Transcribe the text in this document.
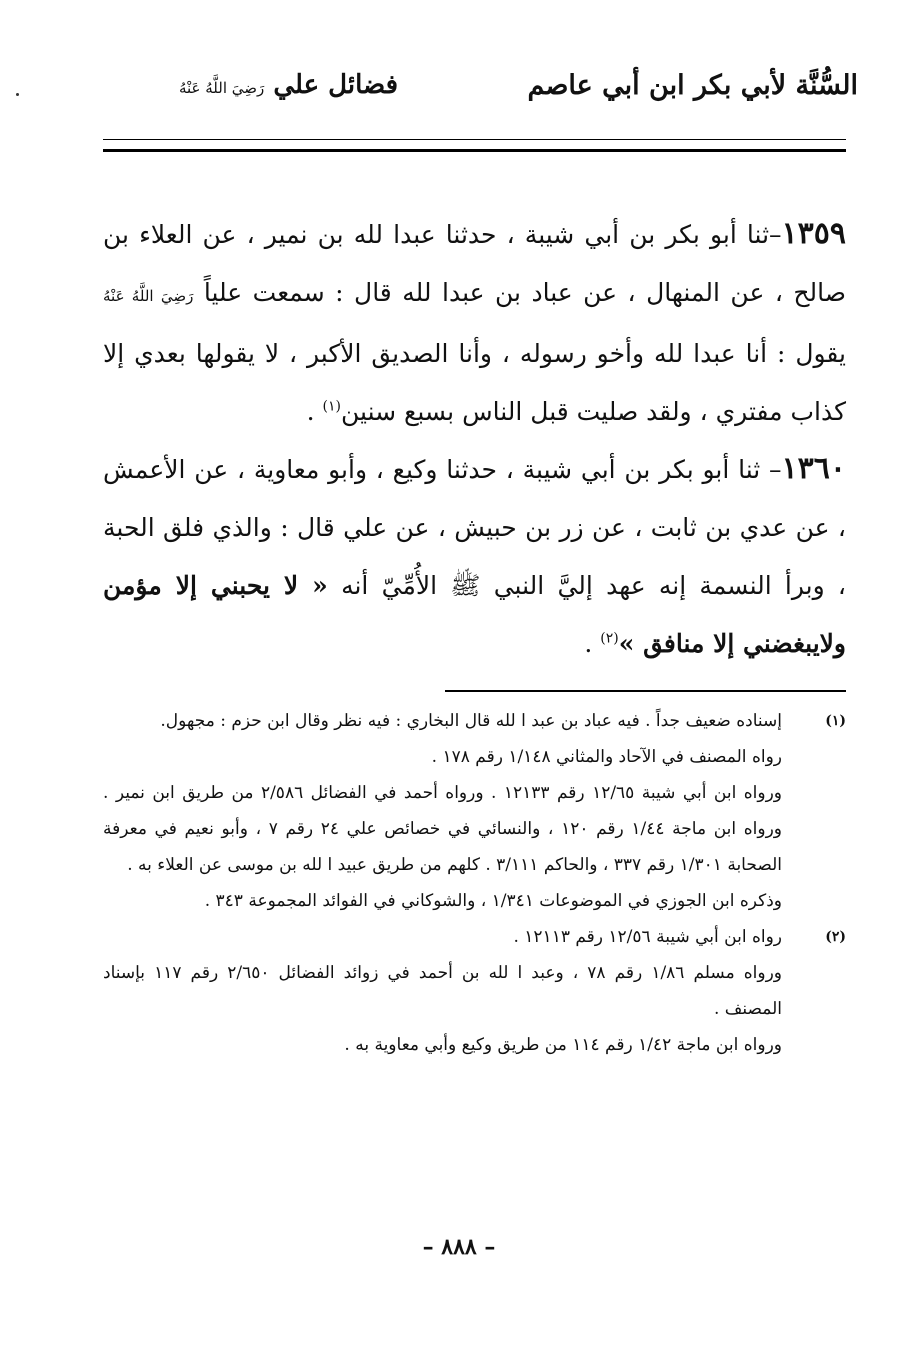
السُّنَّة لأبي بكر ابن أبي عاصم
فضائل علي رَضِيَ اللَّهُ عَنْهُ
١٣٥٩–ثنا أبو بكر بن أبي شيبة ، حدثنا عبدا لله بن نمير ، عن العلاء بن صالح ، عن المنهال ، عن عباد بن عبدا لله قال : سمعت علياً رَضِيَ اللَّهُ عَنْهُ يقول : أنا عبدا لله وأخو رسوله ، وأنا الصديق الأكبر ، لا يقولها بعدي إلا كذاب مفتري ، ولقد صليت قبل الناس بسبع سنين$^{(١)}$ .
١٣٦٠– ثنا أبو بكر بن أبي شيبة ، حدثنا وكيع ، وأبو معاوية ، عن الأعمش ، عن عدي بن ثابت ، عن زر بن حبيش ، عن علي قال : والذي فلق الحبة ، وبرأ النسمة إنه عهد إليَّ النبي ﷺ الأُمِّيّ أنه « لا يحبني إلا مؤمن ولايبغضني إلا منافق »$^{(٢)}$ .
(١)

إسناده ضعيف جداً . فيه عباد بن عبد ا لله قال البخاري : فيه نظر وقال ابن حزم : مجهول.

رواه المصنف في الآحاد والمثاني ١/١٤٨ رقم ١٧٨ .

ورواه ابن أبي شيبة ١٢/٦٥ رقم ١٢١٣٣ . ورواه أحمد في الفضائل ٢/٥٨٦ من طريق ابن نمير . ورواه ابن ماجة ١/٤٤ رقم ١٢٠ ، والنسائي في خصائص علي ٢٤ رقم ٧ ، وأبو نعيم في معرفة الصحابة ١/٣٠١ رقم ٣٣٧ ، والحاكم ٣/١١١ . كلهم من طريق عبيد ا لله بن موسى عن العلاء به .

وذكره ابن الجوزي في الموضوعات ١/٣٤١ ، والشوكاني في الفوائد المجموعة ٣٤٣ .

(٢)

رواه ابن أبي شيبة ١٢/٥٦ رقم ١٢١١٣ .

ورواه مسلم ١/٨٦ رقم ٧٨ ، وعبد ا لله بن أحمد في زوائد الفضائل ٢/٦٥٠ رقم ١١٧ بإسناد المصنف .

ورواه ابن ماجة ١/٤٢ رقم ١١٤ من طريق وكيع وأبي معاوية به .

– ٨٨٨ –
